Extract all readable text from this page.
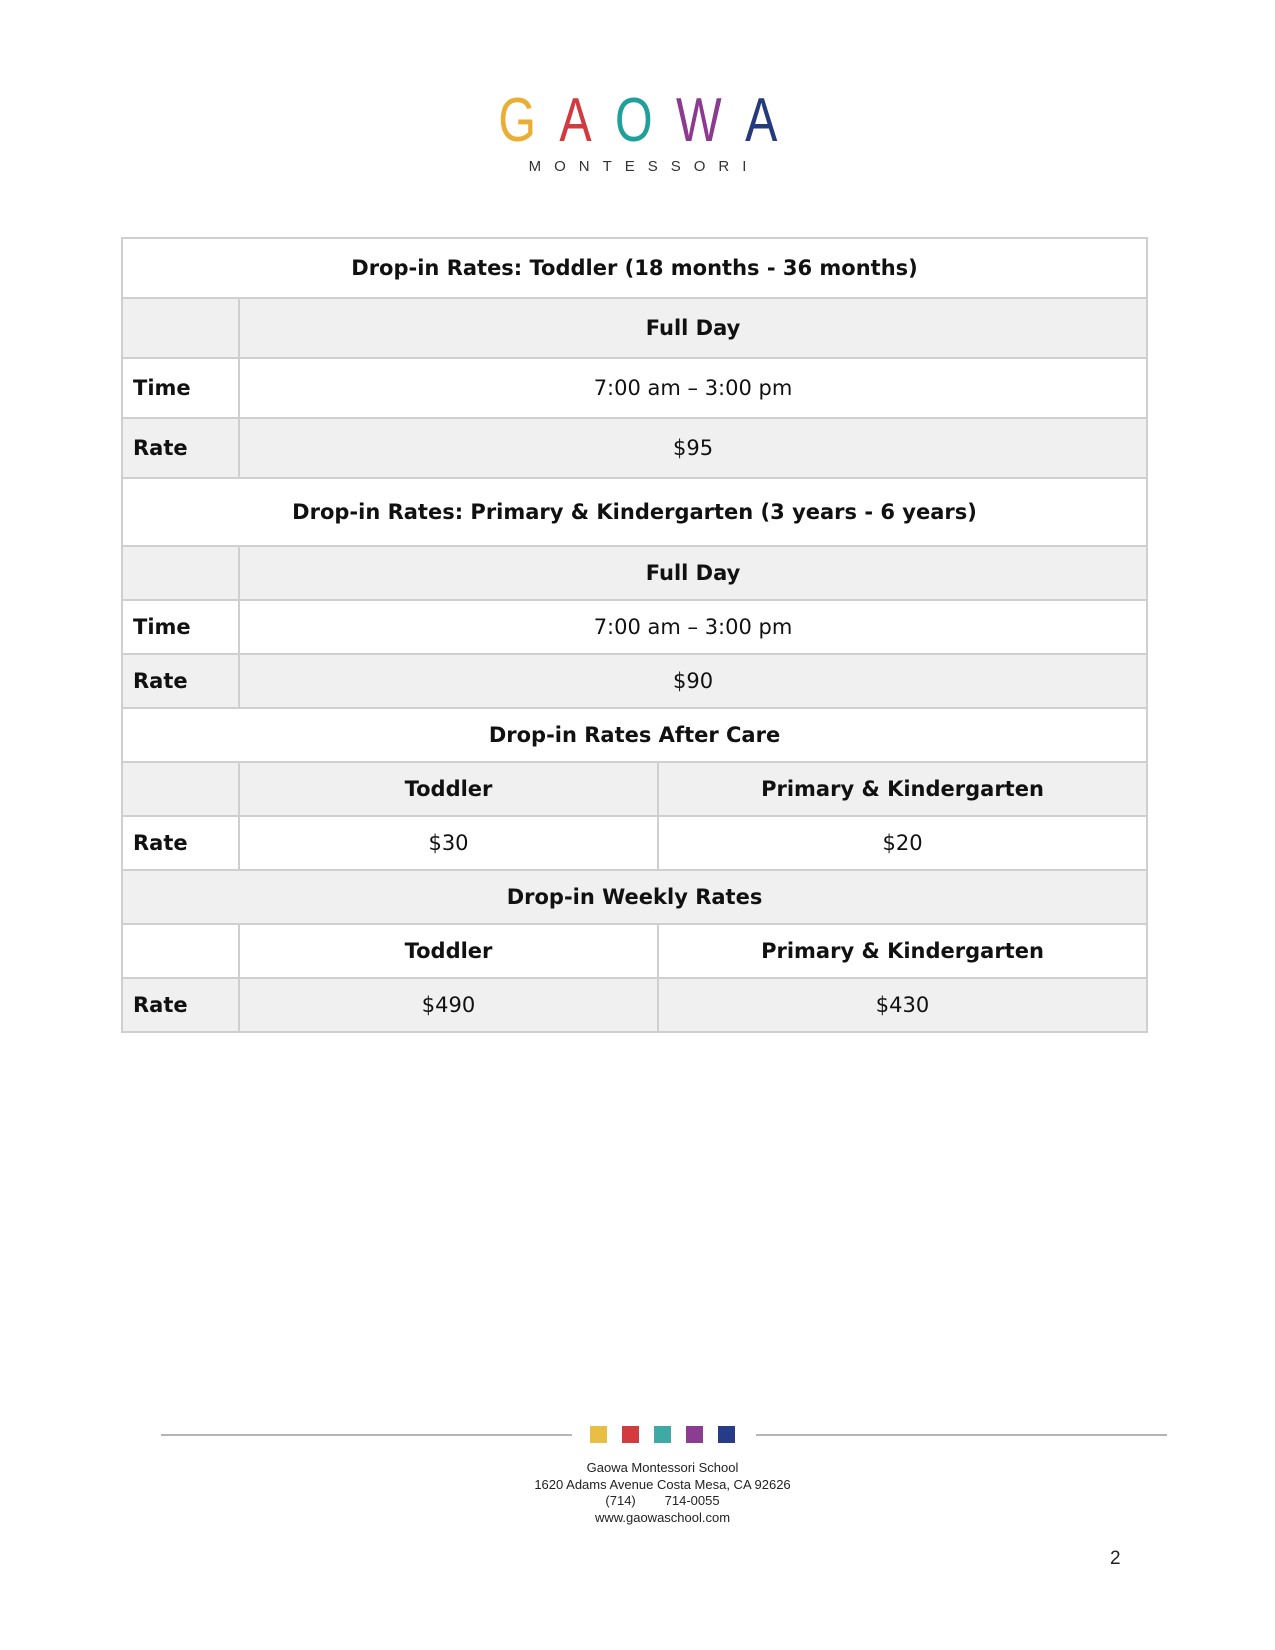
GAOWA
MONTESSORI
Drop-in Rates: Toddler (18 months - 36 months)		
	Full Day	
Time	7:00 am – 3:00 pm	
Rate	$95	
Drop-in Rates: Primary & Kindergarten (3 years - 6 years)		
	Full Day	
Time	7:00 am – 3:00 pm	
Rate	$90	
Drop-in Rates After Care		
	Toddler	Primary & Kindergarten
Rate	$30	$20
Drop-in Weekly Rates		
	Toddler	Primary & Kindergarten
Rate	$490	$430
Gaowa Montessori School
1620 Adams Avenue Costa Mesa, CA 92626
(714)        714-0055
www.gaowaschool.com
2
